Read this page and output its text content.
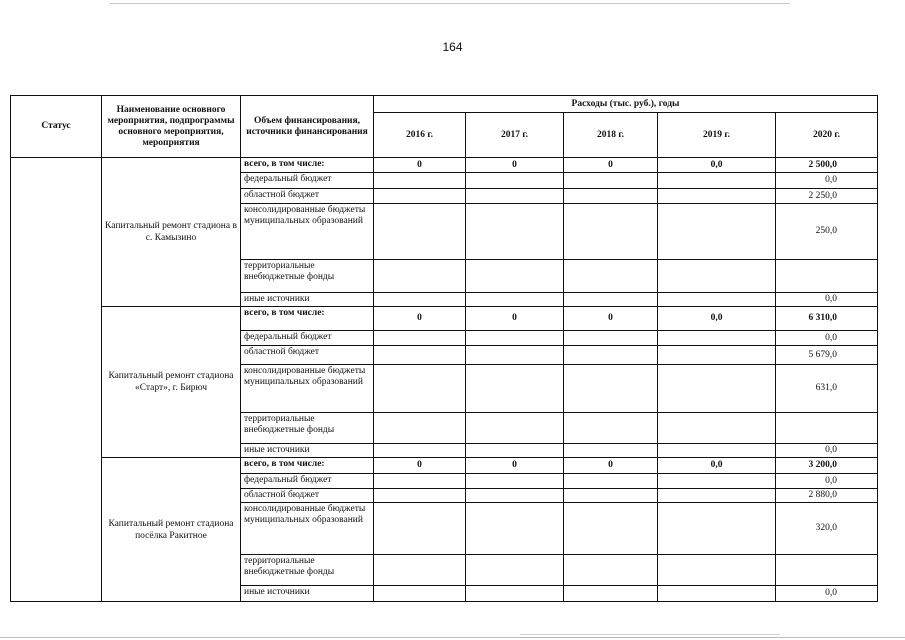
164
Статус	Наименование основного мероприятия, подпрограммы основного мероприятия, мероприятия	Объем финансирования, источники финансирования	Расходы (тыс. руб.), годы				
			2016 г.	2017 г.	2018 г.	2019 г.	2020 г.
	Капитальный ремонт стадиона в с. Камызино	всего, в том числе:	0	0	0	0,0	2 500,0
		федеральный бюджет					0,0
		областной бюджет					2 250,0
		консолидированные бюджеты муниципальных образований					250,0
		территориальные внебюджетные фонды					
		иные источники					0,0
	Капитальный ремонт стадиона «Старт», г. Бирюч	всего, в том числе:	0	0	0	0,0	6 310,0
		федеральный бюджет					0,0
		областной бюджет					5 679,0
		консолидированные бюджеты муниципальных образований					631,0
		территориальные внебюджетные фонды					
		иные источники					0,0
	Капитальный ремонт стадиона посёлка Ракитное	всего, в том числе:	0	0	0	0,0	3 200,0
		федеральный бюджет					0,0
		областной бюджет					2 880,0
		консолидированные бюджеты муниципальных образований					320,0
		территориальные внебюджетные фонды					
		иные источники					0,0
